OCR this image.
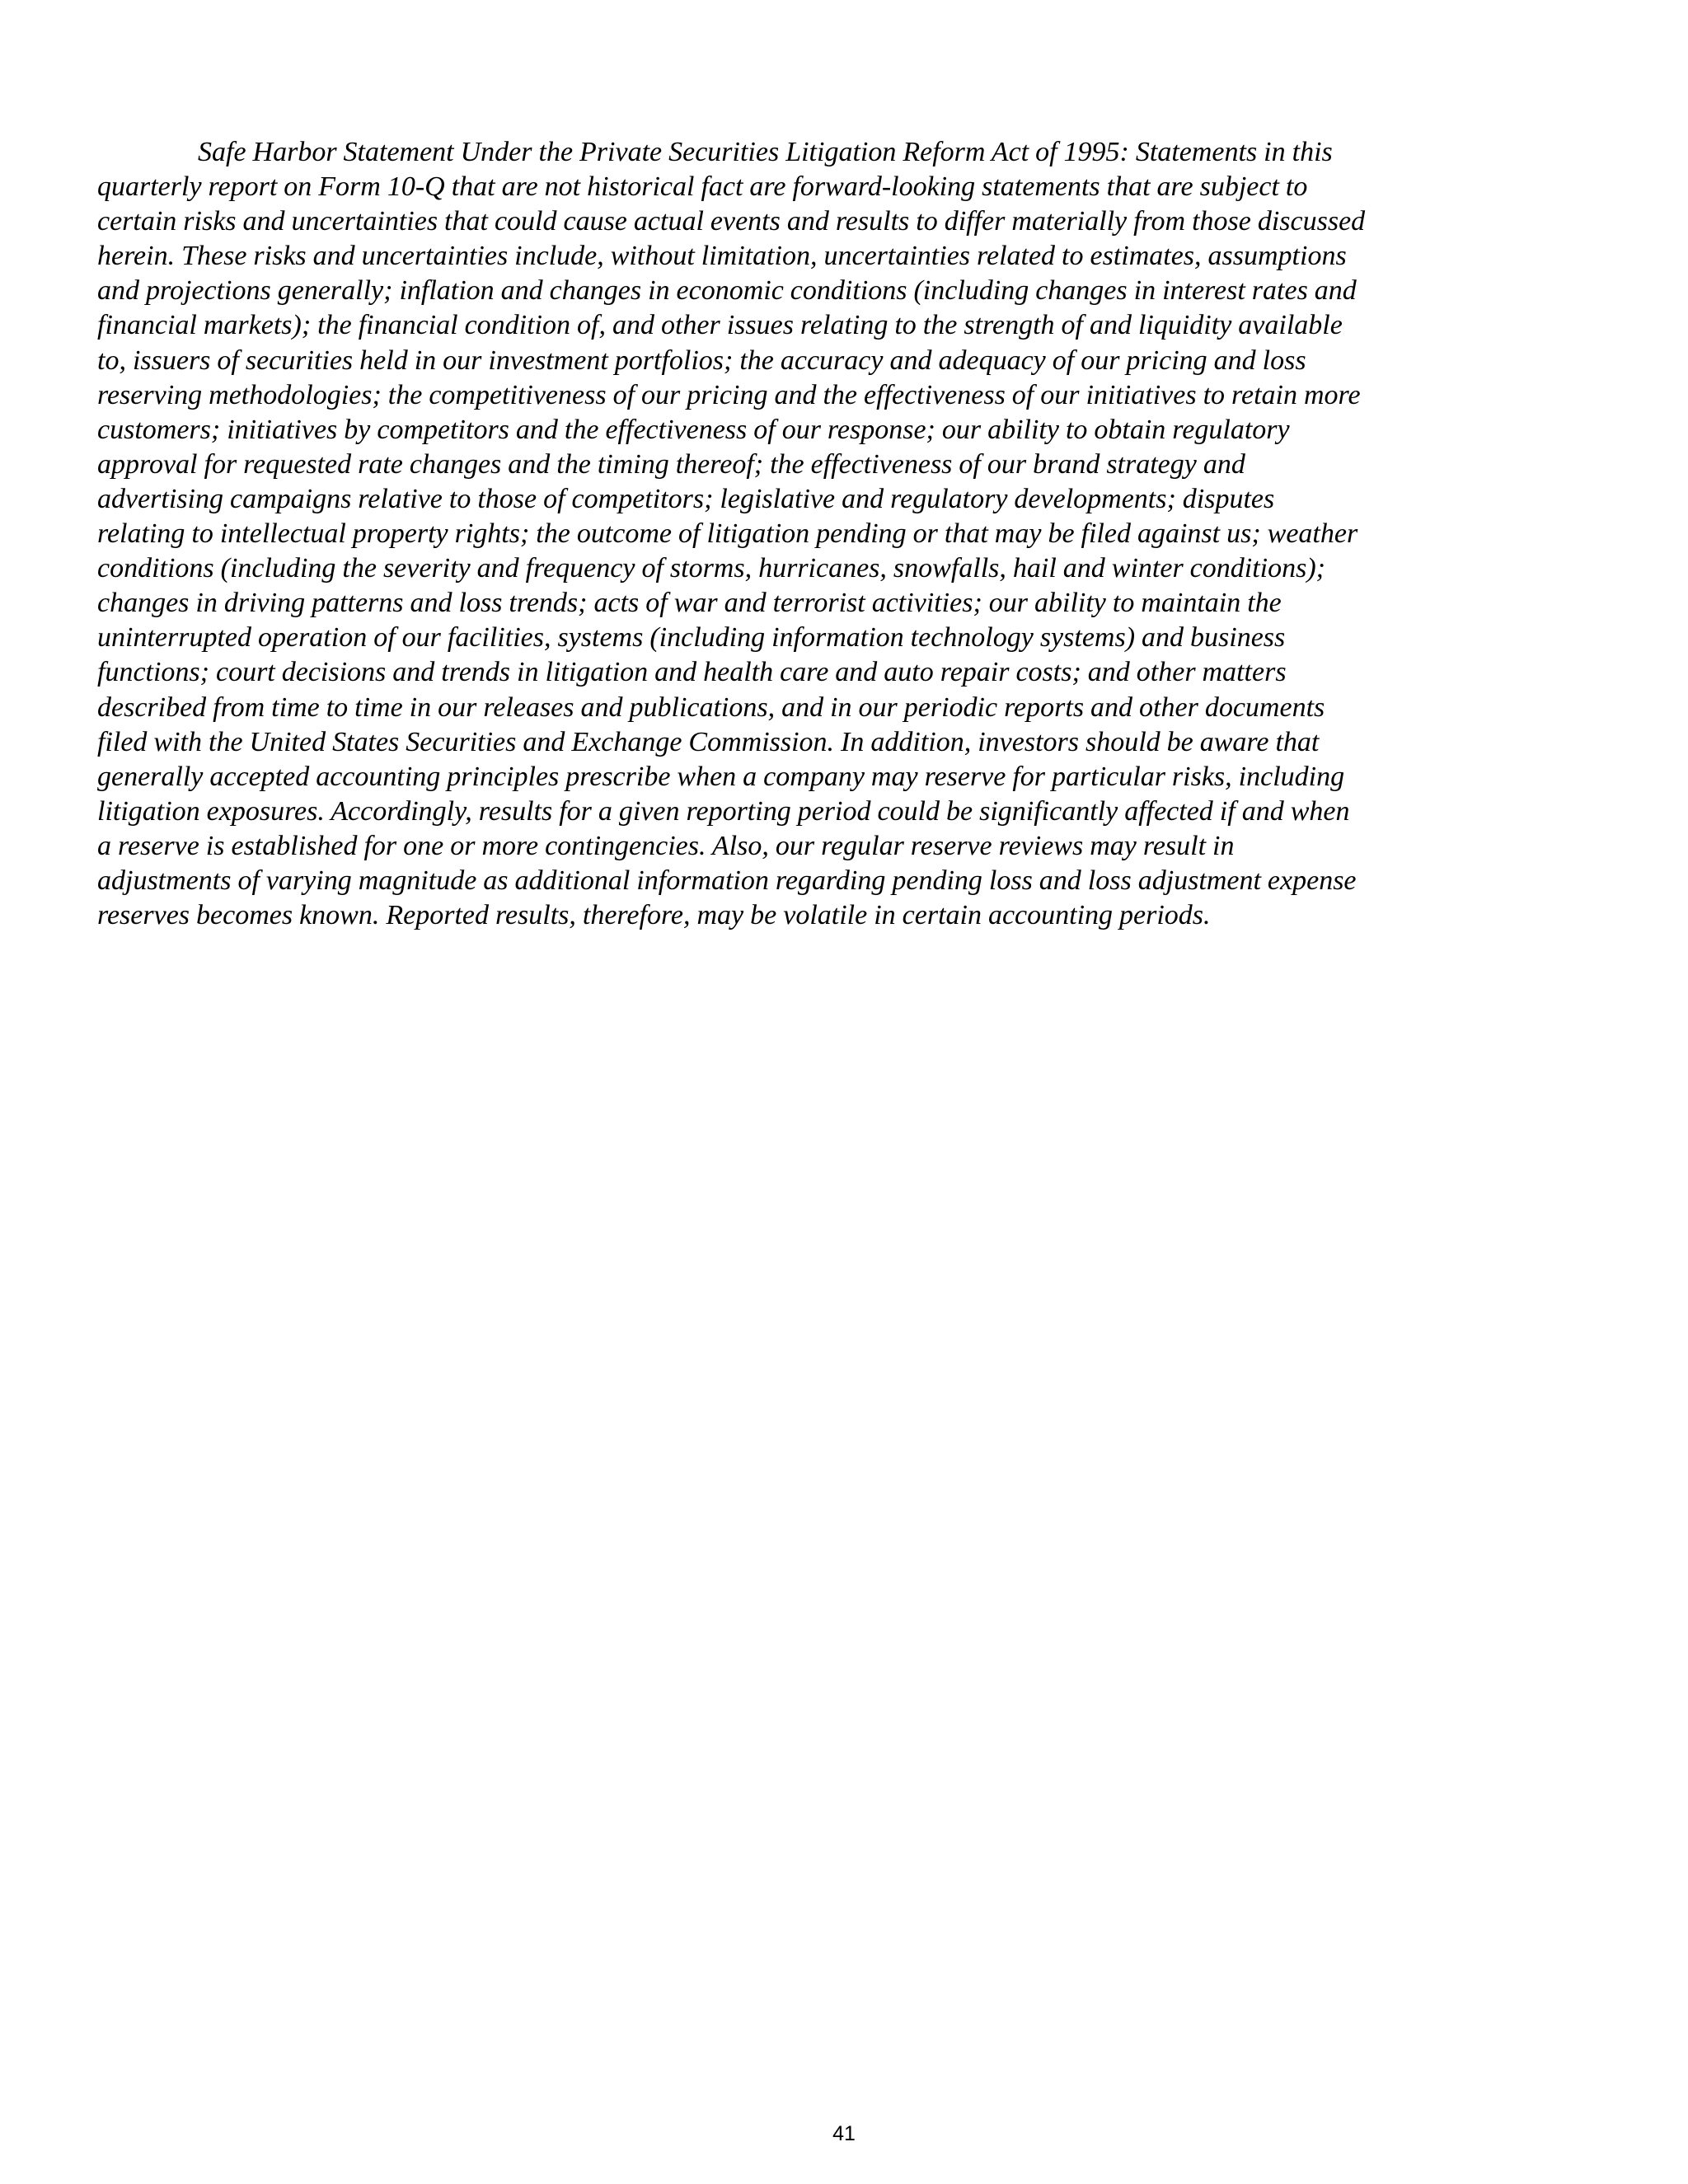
Safe Harbor Statement Under the Private Securities Litigation Reform Act of 1995: Statements in this
quarterly report on Form 10-Q that are not historical fact are forward-looking statements that are subject to
certain risks and uncertainties that could cause actual events and results to differ materially from those discussed
herein. These risks and uncertainties include, without limitation, uncertainties related to estimates, assumptions
and projections generally; inflation and changes in economic conditions (including changes in interest rates and
financial markets); the financial condition of, and other issues relating to the strength of and liquidity available
to, issuers of securities held in our investment portfolios; the accuracy and adequacy of our pricing and loss
reserving methodologies; the competitiveness of our pricing and the effectiveness of our initiatives to retain more
customers; initiatives by competitors and the effectiveness of our response; our ability to obtain regulatory
approval for requested rate changes and the timing thereof; the effectiveness of our brand strategy and
advertising campaigns relative to those of competitors; legislative and regulatory developments; disputes
relating to intellectual property rights; the outcome of litigation pending or that may be filed against us; weather
conditions (including the severity and frequency of storms, hurricanes, snowfalls, hail and winter conditions);
changes in driving patterns and loss trends; acts of war and terrorist activities; our ability to maintain the
uninterrupted operation of our facilities, systems (including information technology systems) and business
functions; court decisions and trends in litigation and health care and auto repair costs; and other matters
described from time to time in our releases and publications, and in our periodic reports and other documents
filed with the United States Securities and Exchange Commission. In addition, investors should be aware that
generally accepted accounting principles prescribe when a company may reserve for particular risks, including
litigation exposures. Accordingly, results for a given reporting period could be significantly affected if and when
a reserve is established for one or more contingencies. Also, our regular reserve reviews may result in
adjustments of varying magnitude as additional information regarding pending loss and loss adjustment expense
reserves becomes known. Reported results, therefore, may be volatile in certain accounting periods.

41
